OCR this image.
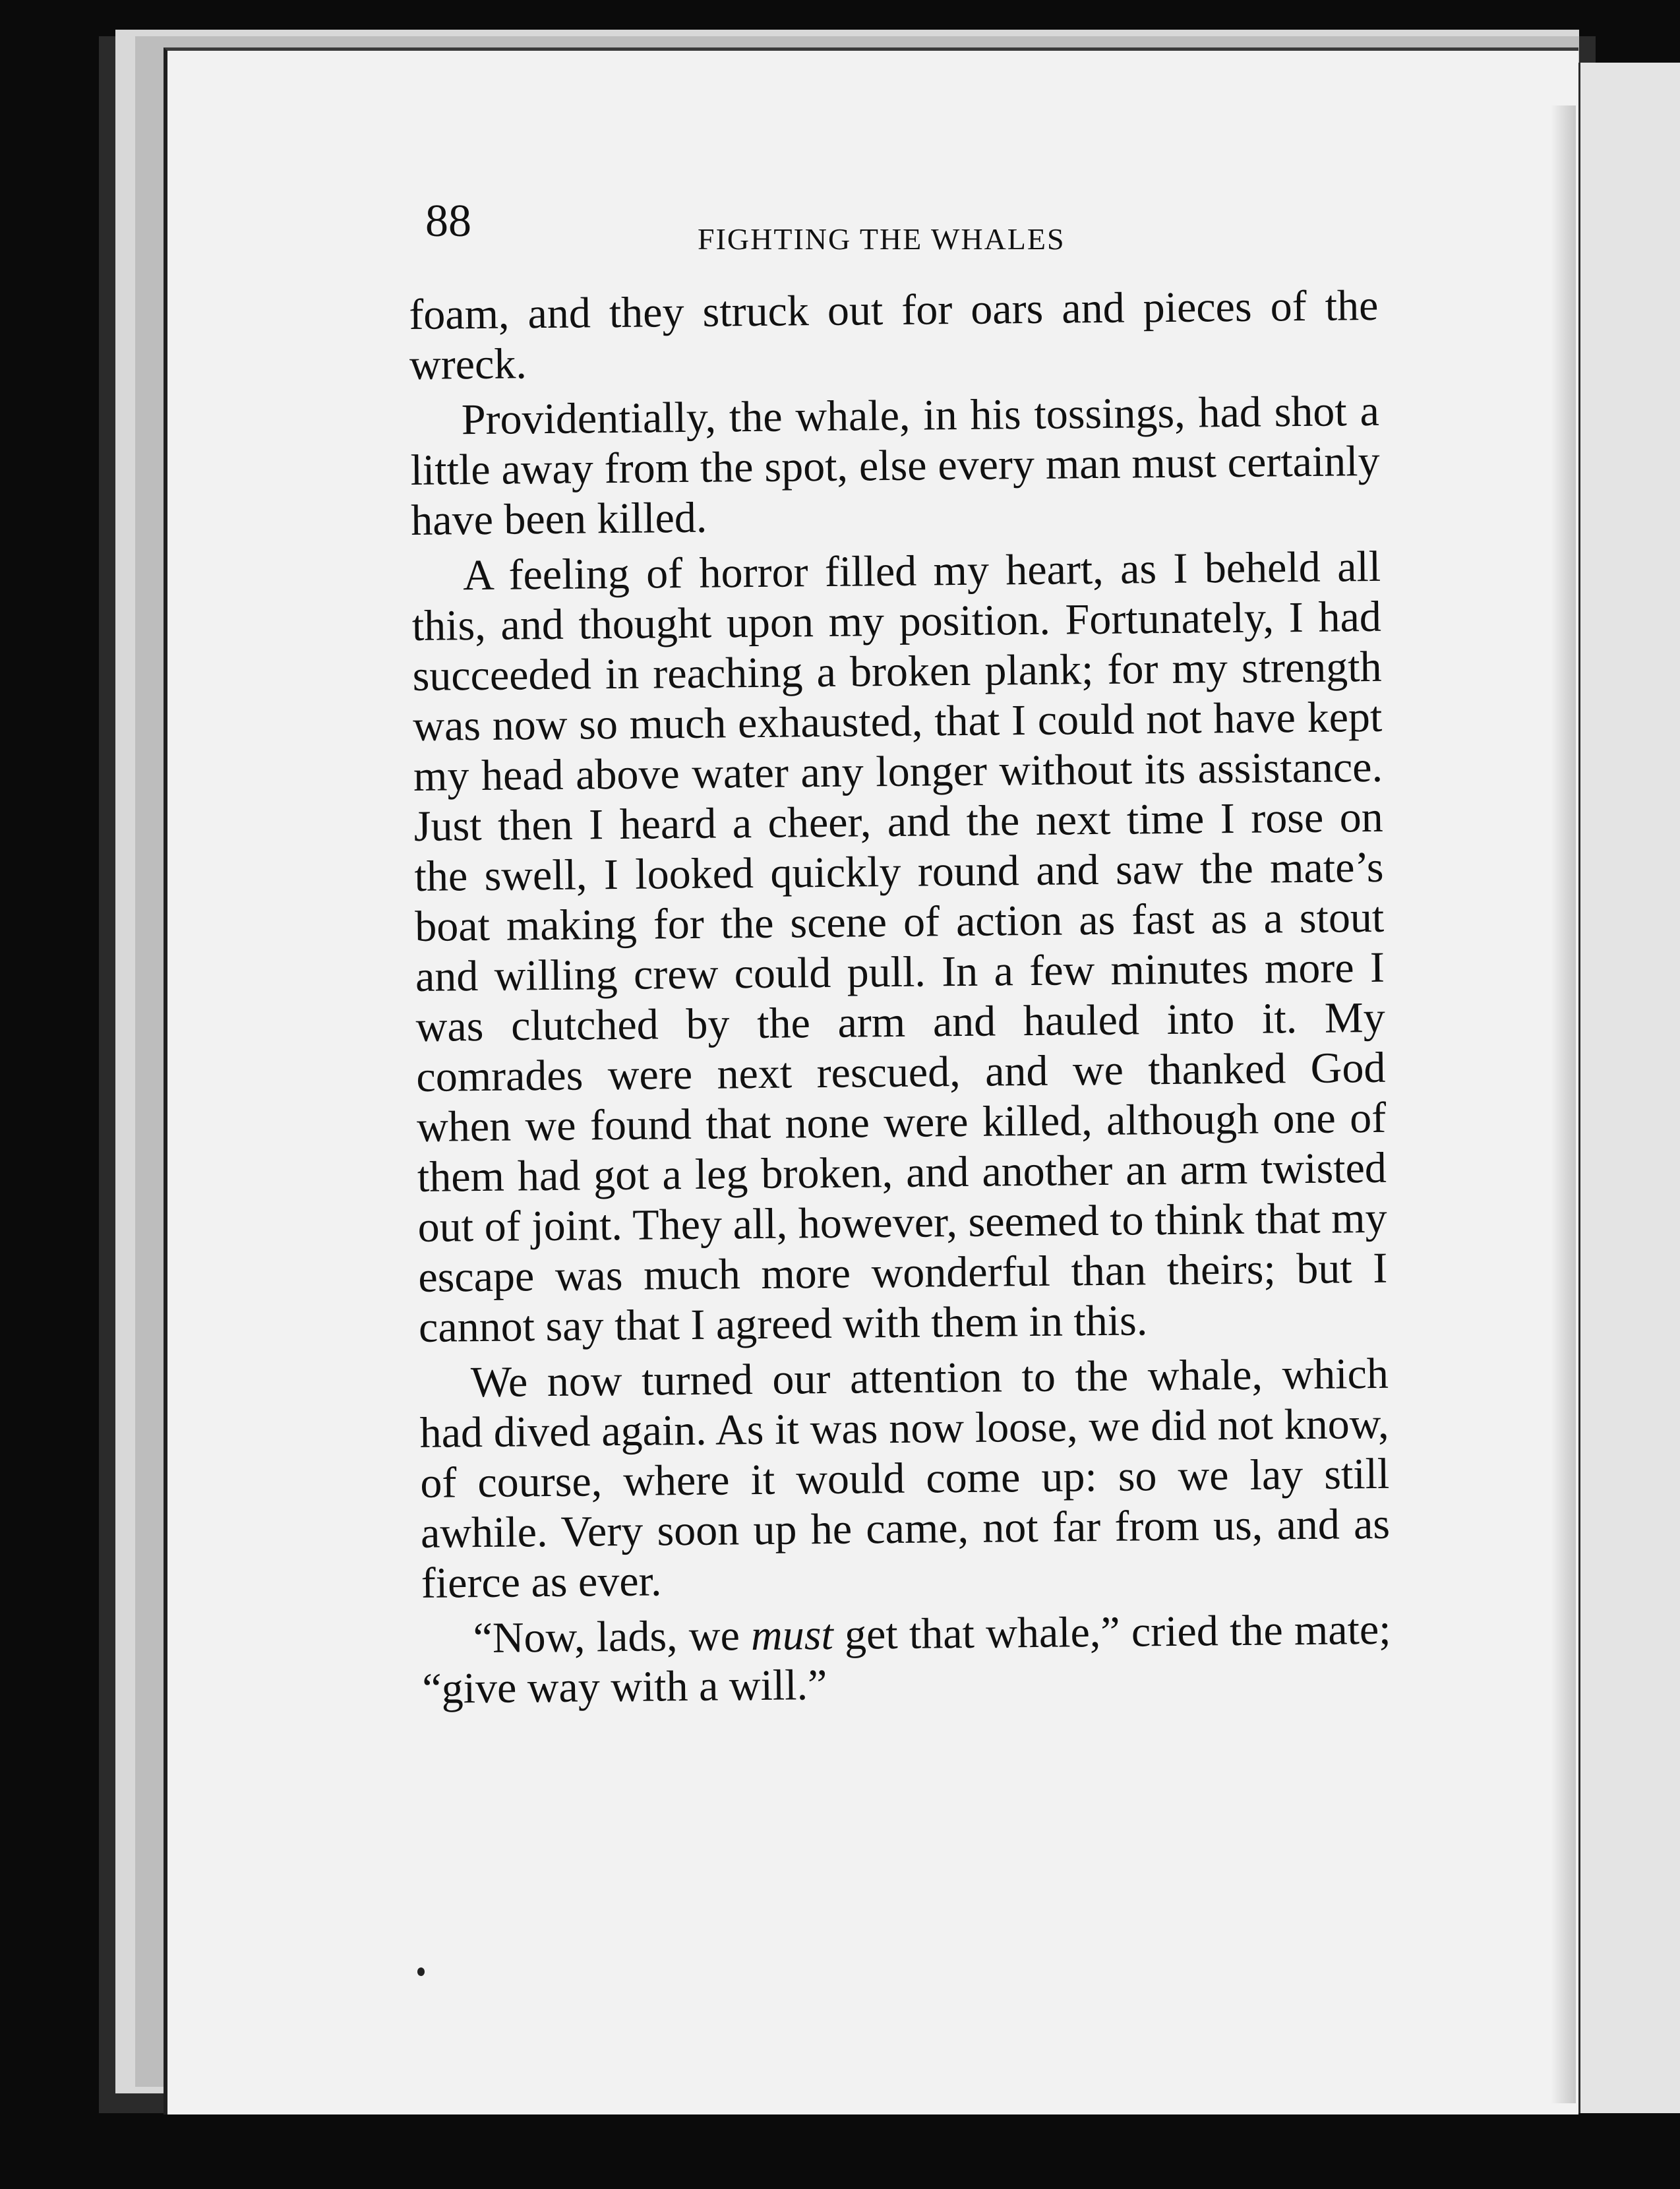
88	FIGHTING THE WHALES

foam, and they struck out for oars and pieces of the wreck.

Providentially, the whale, in his tossings, had shot a little away from the spot, else every man must certainly have been killed.

A feeling of horror filled my heart, as I beheld all this, and thought upon my position. Fortunately, I had succeeded in reaching a broken plank; for my strength was now so much exhausted, that I could not have kept my head above water any longer without its assistance. Just then I heard a cheer, and the next time I rose on the swell, I looked quickly round and saw the mate’s boat making for the scene of action as fast as a stout and willing crew could pull. In a few minutes more I was clutched by the arm and hauled into it. My comrades were next rescued, and we thanked God when we found that none were killed, although one of them had got a leg broken, and another an arm twisted out of joint. They all, however, seemed to think that my escape was much more wonderful than theirs; but I cannot say that I agreed with them in this.

We now turned our attention to the whale, which had dived again. As it was now loose, we did not know, of course, where it would come up: so we lay still awhile. Very soon up he came, not far from us, and as fierce as ever.

“Now, lads, we must get that whale,” cried the mate; “give way with a will.”
